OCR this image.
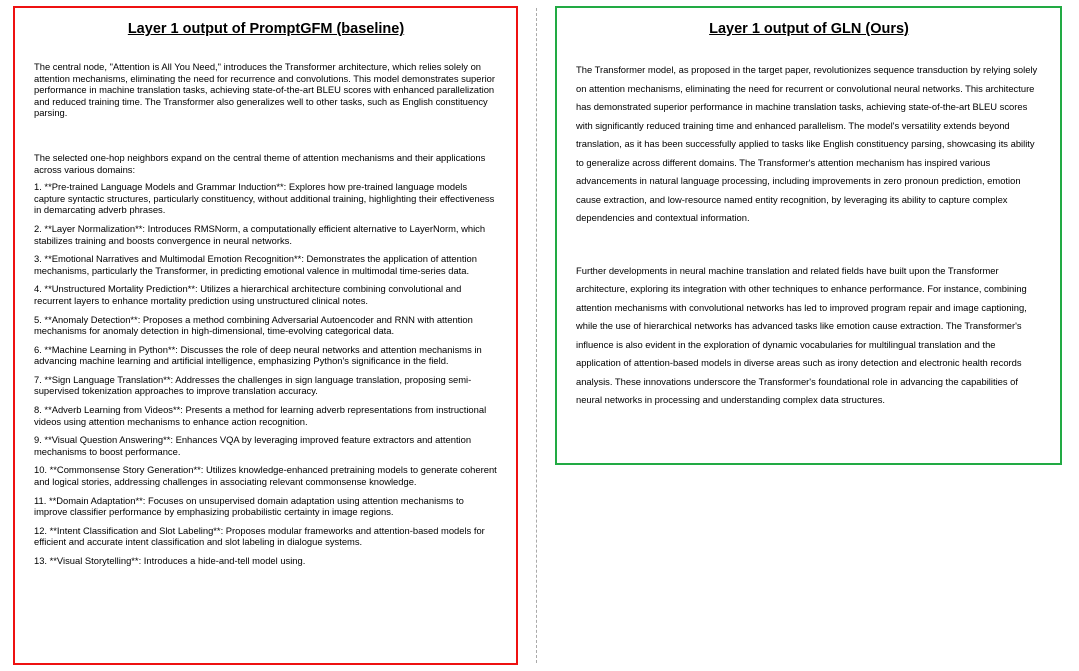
Layer 1 output of PromptGFM (baseline)

The central node, "Attention is All You Need," introduces the Transformer architecture, which relies solely on attention mechanisms, eliminating the need for recurrence and convolutions. This model demonstrates superior performance in machine translation tasks, achieving state-of-the-art BLEU scores with enhanced parallelization and reduced training time. The Transformer also generalizes well to other tasks, such as English constituency parsing.

The selected one-hop neighbors expand on the central theme of attention mechanisms and their applications across various domains:

1. **Pre-trained Language Models and Grammar Induction**: Explores how pre-trained language models capture syntactic structures, particularly constituency, without additional training, highlighting their effectiveness in demarcating adverb phrases.
2. **Layer Normalization**: Introduces RMSNorm, a computationally efficient alternative to LayerNorm, which stabilizes training and boosts convergence in neural networks.
3. **Emotional Narratives and Multimodal Emotion Recognition**: Demonstrates the application of attention mechanisms, particularly the Transformer, in predicting emotional valence in multimodal time-series data.
4. **Unstructured Mortality Prediction**: Utilizes a hierarchical architecture combining convolutional and recurrent layers to enhance mortality prediction using unstructured clinical notes.
5. **Anomaly Detection**: Proposes a method combining Adversarial Autoencoder and RNN with attention mechanisms for anomaly detection in high-dimensional, time-evolving categorical data.
6. **Machine Learning in Python**: Discusses the role of deep neural networks and attention mechanisms in advancing machine learning and artificial intelligence, emphasizing Python's significance in the field.
7. **Sign Language Translation**: Addresses the challenges in sign language translation, proposing semi-supervised tokenization approaches to improve translation accuracy.
8. **Adverb Learning from Videos**: Presents a method for learning adverb representations from instructional videos using attention mechanisms to enhance action recognition.
9. **Visual Question Answering**: Enhances VQA by leveraging improved feature extractors and attention mechanisms to boost performance.
10. **Commonsense Story Generation**: Utilizes knowledge-enhanced pretraining models to generate coherent and logical stories, addressing challenges in associating relevant commonsense knowledge.
11. **Domain Adaptation**: Focuses on unsupervised domain adaptation using attention mechanisms to improve classifier performance by emphasizing probabilistic certainty in image regions.
12. **Intent Classification and Slot Labeling**: Proposes modular frameworks and attention-based models for efficient and accurate intent classification and slot labeling in dialogue systems.
13. **Visual Storytelling**: Introduces a hide-and-tell model using.
Layer 1 output of GLN (Ours)

The Transformer model, as proposed in the target paper, revolutionizes sequence transduction by relying solely on attention mechanisms, eliminating the need for recurrent or convolutional neural networks. This architecture has demonstrated superior performance in machine translation tasks, achieving state-of-the-art BLEU scores with significantly reduced training time and enhanced parallelism. The model's versatility extends beyond translation, as it has been successfully applied to tasks like English constituency parsing, showcasing its ability to generalize across different domains. The Transformer's attention mechanism has inspired various advancements in natural language processing, including improvements in zero pronoun prediction, emotion cause extraction, and low-resource named entity recognition, by leveraging its ability to capture complex dependencies and contextual information.

Further developments in neural machine translation and related fields have built upon the Transformer architecture, exploring its integration with other techniques to enhance performance. For instance, combining attention mechanisms with convolutional networks has led to improved program repair and image captioning, while the use of hierarchical networks has advanced tasks like emotion cause extraction. The Transformer's influence is also evident in the exploration of dynamic vocabularies for multilingual translation and the application of attention-based models in diverse areas such as irony detection and electronic health records analysis. These innovations underscore the Transformer's foundational role in advancing the capabilities of neural networks in processing and understanding complex data structures.
